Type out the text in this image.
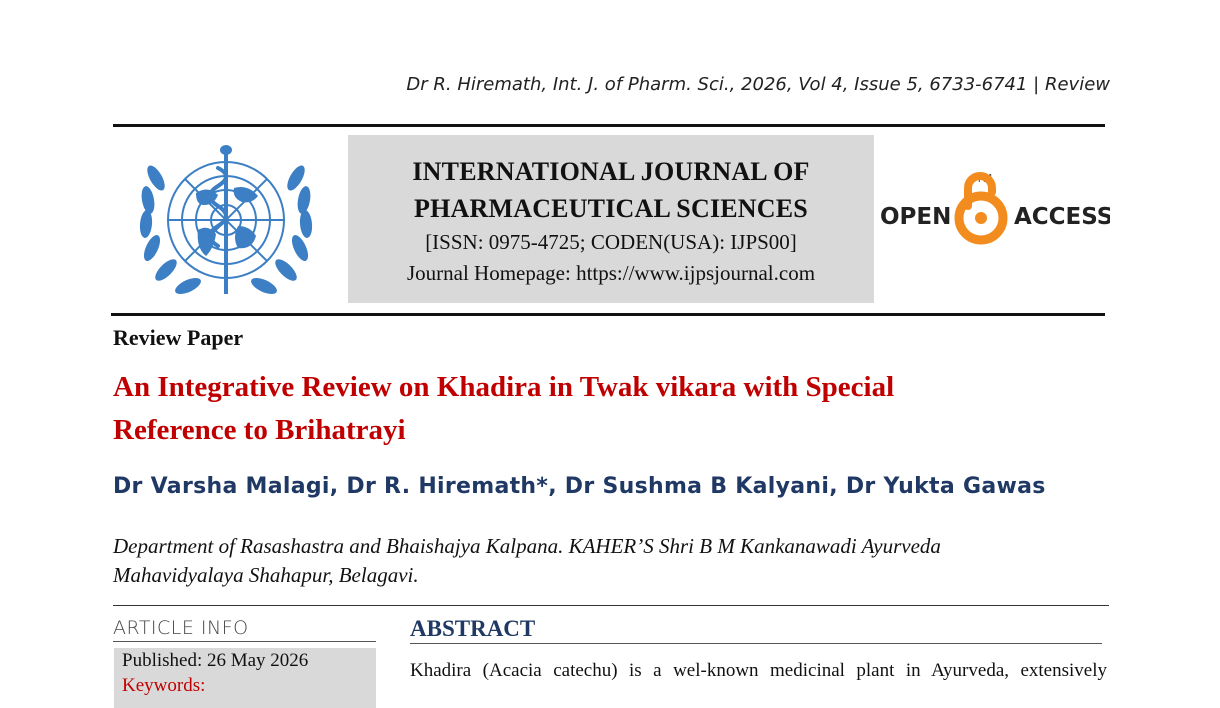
Dr R. Hiremath, Int. J. of Pharm. Sci., 2026, Vol 4, Issue 5, 6733-6741 | Review
INTERNATIONAL JOURNAL OF
PHARMACEUTICAL SCIENCES
[ISSN: 0975-4725; CODEN(USA): IJPS00]
Journal Homepage: https://www.ijpsjournal.com
OPEN	ACCESS
TM
Review Paper
An Integrative Review on Khadira in Twak vikara with Special
Reference to Brihatrayi
Dr Varsha Malagi, Dr R. Hiremath*, Dr Sushma B Kalyani, Dr Yukta Gawas
Department of Rasashastra and Bhaishajya Kalpana. KAHER’S Shri B M Kankanawadi Ayurveda
Mahavidyalaya Shahapur, Belagavi.
ARTICLE INFO
Published: 26 May 2026
Keywords:
ABSTRACT
Khadira (Acacia catechu) is a wel-known medicinal plant in Ayurveda, extensively
